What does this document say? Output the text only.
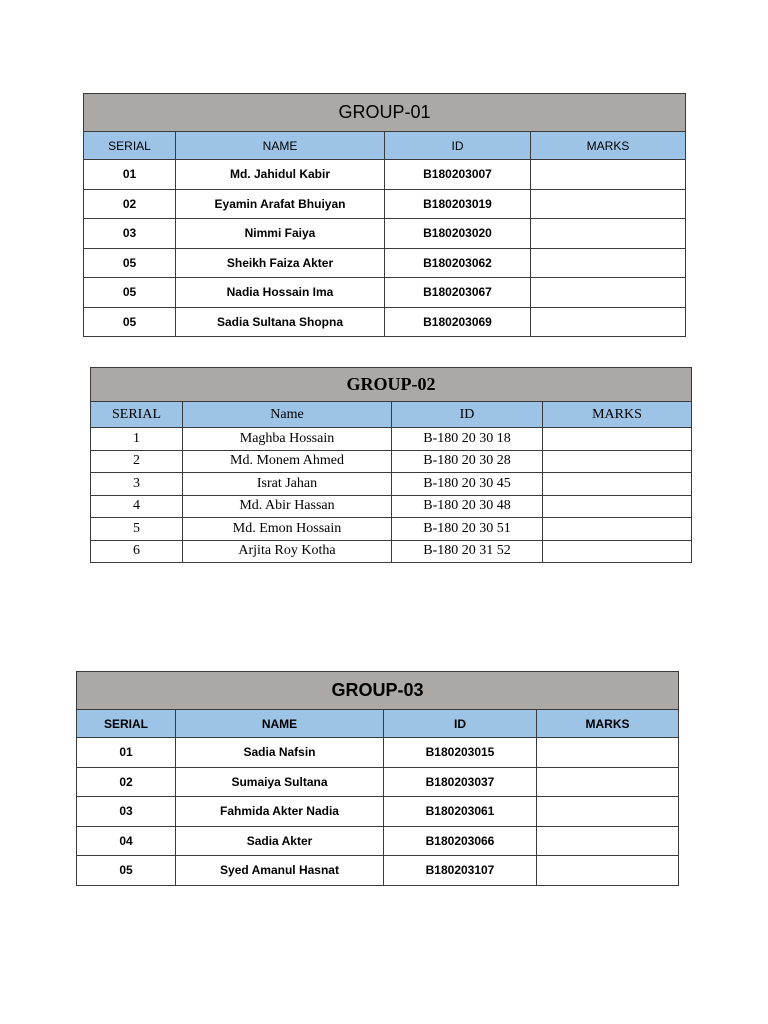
GROUP-01			
SERIAL	NAME	ID	MARKS
01	Md. Jahidul Kabir	B180203007	
02	Eyamin Arafat Bhuiyan	B180203019	
03	Nimmi Faiya	B180203020	
05	Sheikh Faiza Akter	B180203062	
05	Nadia Hossain Ima	B180203067	
05	Sadia Sultana Shopna	B180203069	
GROUP-02			
SERIAL	Name	ID	MARKS
1	Maghba Hossain	B-180 20 30 18	
2	Md. Monem Ahmed	B-180 20 30 28	
3	Israt Jahan	B-180 20 30 45	
4	Md. Abir Hassan	B-180 20 30 48	
5	Md. Emon Hossain	B-180 20 30 51	
6	Arjita Roy Kotha	B-180 20 31 52	
GROUP-03			
SERIAL	NAME	ID	MARKS
01	Sadia Nafsin	B180203015	
02	Sumaiya Sultana	B180203037	
03	Fahmida Akter Nadia	B180203061	
04	Sadia Akter	B180203066	
05	Syed Amanul Hasnat	B180203107	
